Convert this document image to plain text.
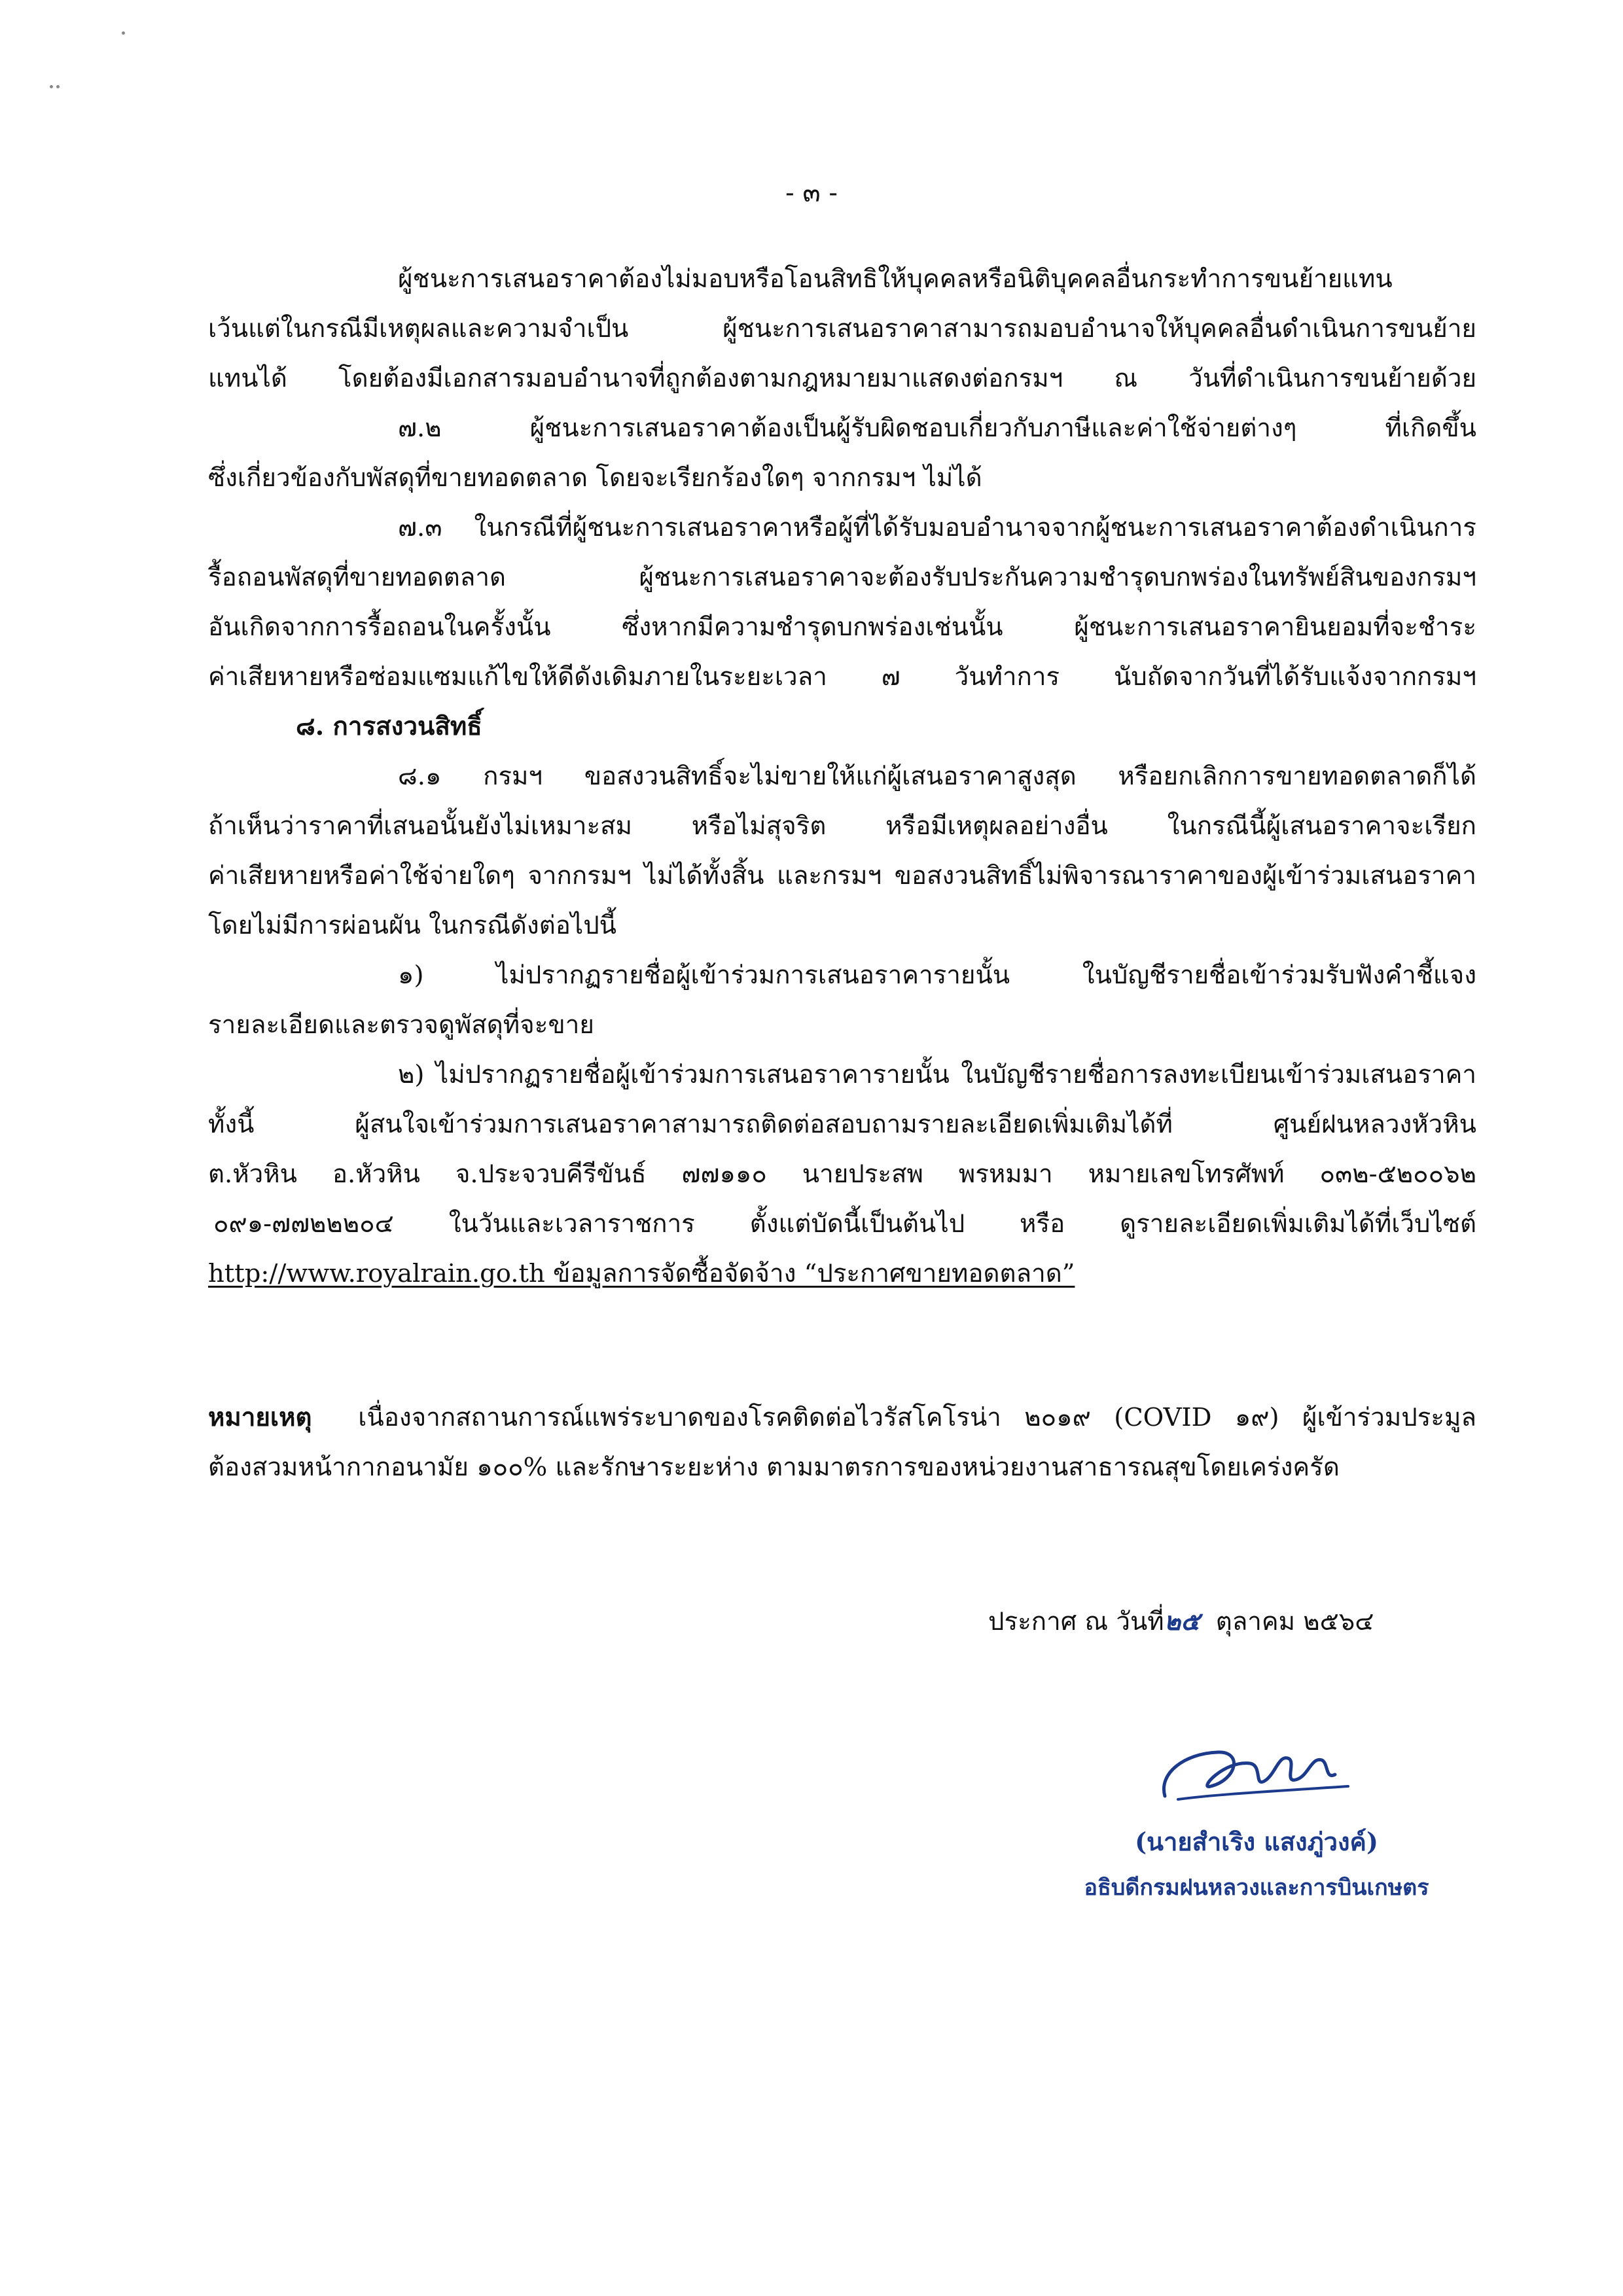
- ๓ -
ผู้ชนะการเสนอราคาต้องไม่มอบหรือโอนสิทธิให้บุคคลหรือนิติบุคคลอื่นกระทำการขนย้ายแทน
เว้นแต่ในกรณีมีเหตุผลและความจำเป็น ผู้ชนะการเสนอราคาสามารถมอบอำนาจให้บุคคลอื่นดำเนินการขนย้าย
แทนได้ โดยต้องมีเอกสารมอบอำนาจที่ถูกต้องตามกฎหมายมาแสดงต่อกรมฯ ณ วันที่ดำเนินการขนย้ายด้วย
๗.๒ ผู้ชนะการเสนอราคาต้องเป็นผู้รับผิดชอบเกี่ยวกับภาษีและค่าใช้จ่ายต่างๆ ที่เกิดขึ้น
ซึ่งเกี่ยวข้องกับพัสดุที่ขายทอดตลาด โดยจะเรียกร้องใดๆ จากกรมฯ ไม่ได้
๗.๓ ในกรณีที่ผู้ชนะการเสนอราคาหรือผู้ที่ได้รับมอบอำนาจจากผู้ชนะการเสนอราคาต้องดำเนินการ
รื้อถอนพัสดุที่ขายทอดตลาด ผู้ชนะการเสนอราคาจะต้องรับประกันความชำรุดบกพร่องในทรัพย์สินของกรมฯ
อันเกิดจากการรื้อถอนในครั้งนั้น ซึ่งหากมีความชำรุดบกพร่องเช่นนั้น ผู้ชนะการเสนอราคายินยอมที่จะชำระ
ค่าเสียหายหรือซ่อมแซมแก้ไขให้ดีดังเดิมภายในระยะเวลา ๗ วันทำการ นับถัดจากวันที่ได้รับแจ้งจากกรมฯ
๘. การสงวนสิทธิ์
๘.๑ กรมฯ ขอสงวนสิทธิ์จะไม่ขายให้แก่ผู้เสนอราคาสูงสุด หรือยกเลิกการขายทอดตลาดก็ได้
ถ้าเห็นว่าราคาที่เสนอนั้นยังไม่เหมาะสม หรือไม่สุจริต หรือมีเหตุผลอย่างอื่น ในกรณีนี้ผู้เสนอราคาจะเรียก
ค่าเสียหายหรือค่าใช้จ่ายใดๆ จากกรมฯ ไม่ได้ทั้งสิ้น และกรมฯ ขอสงวนสิทธิ์ไม่พิจารณาราคาของผู้เข้าร่วมเสนอราคา
โดยไม่มีการผ่อนผัน ในกรณีดังต่อไปนี้
๑) ไม่ปรากฏรายชื่อผู้เข้าร่วมการเสนอราคารายนั้น ในบัญชีรายชื่อเข้าร่วมรับฟังคำชี้แจง
รายละเอียดและตรวจดูพัสดุที่จะขาย
๒) ไม่ปรากฏรายชื่อผู้เข้าร่วมการเสนอราคารายนั้น ในบัญชีรายชื่อการลงทะเบียนเข้าร่วมเสนอราคา
ทั้งนี้ ผู้สนใจเข้าร่วมการเสนอราคาสามารถติดต่อสอบถามรายละเอียดเพิ่มเติมได้ที่ ศูนย์ฝนหลวงหัวหิน
ต.หัวหิน อ.หัวหิน จ.ประจวบคีรีขันธ์ ๗๗๑๑๐ นายประสพ พรหมมา หมายเลขโทรศัพท์ ๐๓๒-๕๒๐๐๖๒
๐๙๑-๗๗๒๒๒๐๔ ในวันและเวลาราชการ ตั้งแต่บัดนี้เป็นต้นไป หรือ ดูรายละเอียดเพิ่มเติมได้ที่เว็บไซต์
http://www.royalrain.go.th ข้อมูลการจัดซื้อจัดจ้าง “ประกาศขายทอดตลาด”
หมายเหตุ เนื่องจากสถานการณ์แพร่ระบาดของโรคติดต่อไวรัสโคโรน่า ๒๐๑๙ (COVID ๑๙) ผู้เข้าร่วมประมูล
ต้องสวมหน้ากากอนามัย ๑๐๐% และรักษาระยะห่าง ตามมาตรการของหน่วยงานสาธารณสุขโดยเคร่งครัด
ประกาศ ณ วันที่๒๕ ตุลาคม ๒๕๖๔
(นายสำเริง แสงภู่วงค์)
อธิบดีกรมฝนหลวงและการบินเกษตร
